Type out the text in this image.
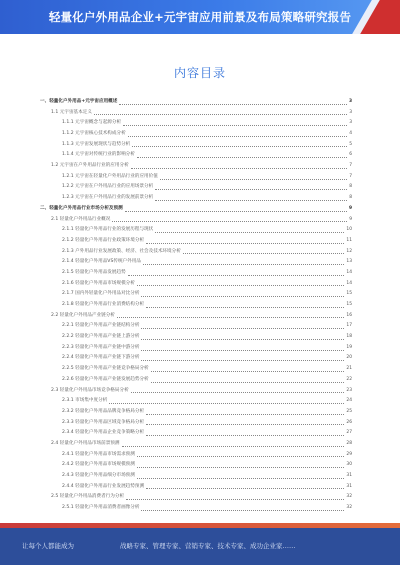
轻量化户外用品企业+元宇宙应用前景及布局策略研究报告
内容目录
一、轻量化户外用品+元宇宙应用概述	3
1.1 元宇宙基本定义	3
1.1.1 元宇宙概念与起源分析	3
1.1.2 元宇宙核心技术构成分析	4
1.1.3 元宇宙发展现状与趋势分析	5
1.1.4 元宇宙对传统行业的影响分析	6
1.2 元宇宙在户外用品行业的应用分析	7
1.2.1 元宇宙在轻量化户外用品行业的应用价值	7
1.2.2 元宇宙在户外用品行业的应用场景分析	8
1.2.3 元宇宙在户外用品行业的发展前景分析	8
二、轻量化户外用品行业市场分析及预测	9
2.1 轻量化户外用品行业概况	9
2.1.1 轻量化户外用品行业的发展历程与现状	10
2.1.2 轻量化户外用品行业政策环境分析	11
2.1.3 户外用品行业发展政策、经济、社会及技术环境分析	12
2.1.4 轻量化户外用品VS传统户外用品	13
2.1.5 轻量化户外用品发展趋势	14
2.1.6 轻量化户外用品市场规模分析	14
2.1.7 国内外轻量化户外用品对比分析	15
2.1.8 轻量化户外用品行业消费结构分析	15
2.2 轻量化户外用品产业链分析	16
2.2.1 轻量化户外用品产业链结构分析	17
2.2.2 轻量化户外用品产业链上游分析	18
2.2.3 轻量化户外用品产业链中游分析	19
2.2.4 轻量化户外用品产业链下游分析	20
2.2.5 轻量化户外用品产业链竞争格局分析	21
2.2.6 轻量化户外用品产业链发展趋势分析	22
2.3 轻量化户外用品市场竞争格局分析	23
2.3.1 市场集中度分析	24
2.3.2 轻量化户外用品品牌竞争格局分析	25
2.3.3 轻量化户外用品区域竞争格局分析	26
2.3.4 轻量化户外用品企业竞争策略分析	27
2.4 轻量化户外用品市场前景预测	28
2.4.1 轻量化户外用品市场需求预测	29
2.4.2 轻量化户外用品市场规模预测	30
2.4.3 轻量化户外用品细分市场预测	31
2.4.4 轻量化户外用品行业发展趋势预测	31
2.5 轻量化户外用品消费者行为分析	32
2.5.1 轻量化户外用品消费者画像分析	32
让每个人都能成为	战略专家、管理专家、营销专家、技术专家、成功企业家……
